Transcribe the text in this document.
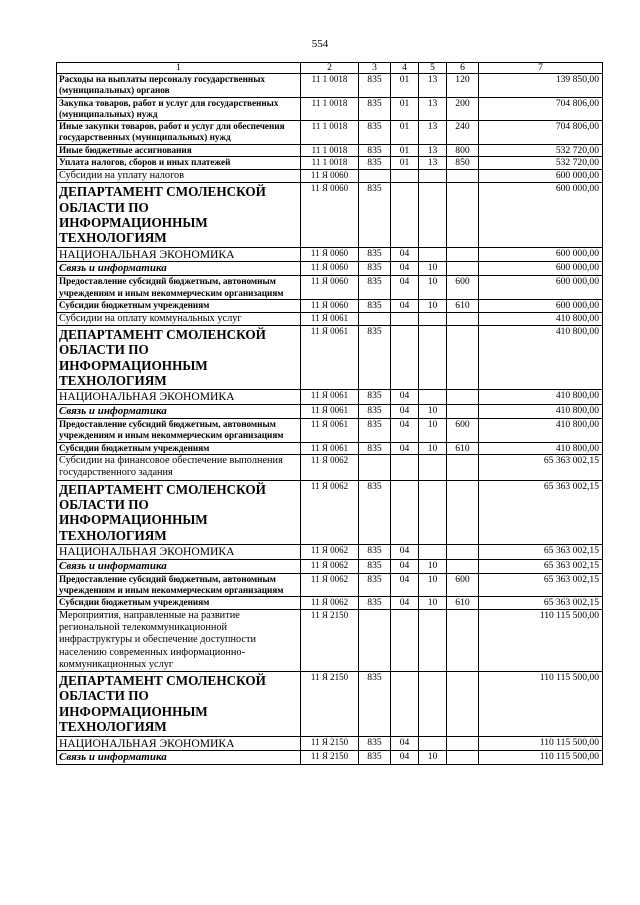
554
1	2	3	4	5	6	7
Расходы на выплаты персоналу государственных (муниципальных) органов	11 1 0018	835	01	13	120	139 850,00
Закупка товаров, работ и услуг для государственных (муниципальных) нужд	11 1 0018	835	01	13	200	704 806,00
Иные закупки товаров, работ и услуг для обеспечения государственных (муниципальных) нужд	11 1 0018	835	01	13	240	704 806,00
Иные бюджетные ассигнования	11 1 0018	835	01	13	800	532 720,00
Уплата налогов, сборов и иных платежей	11 1 0018	835	01	13	850	532 720,00
Субсидии на уплату налогов	11 Я 0060					600 000,00
ДЕПАРТАМЕНТ СМОЛЕНСКОЙ ОБЛАСТИ ПО ИНФОРМАЦИОННЫМ ТЕХНОЛОГИЯМ	11 Я 0060	835				600 000,00
НАЦИОНАЛЬНАЯ ЭКОНОМИКА	11 Я 0060	835	04			600 000,00
Связь и информатика	11 Я 0060	835	04	10		600 000,00
Предоставление субсидий бюджетным, автономным учреждениям и иным некоммерческим организациям	11 Я 0060	835	04	10	600	600 000,00
Субсидии бюджетным учреждениям	11 Я 0060	835	04	10	610	600 000,00
Субсидии на оплату коммунальных услуг	11 Я 0061					410 800,00
ДЕПАРТАМЕНТ СМОЛЕНСКОЙ ОБЛАСТИ ПО ИНФОРМАЦИОННЫМ ТЕХНОЛОГИЯМ	11 Я 0061	835				410 800,00
НАЦИОНАЛЬНАЯ ЭКОНОМИКА	11 Я 0061	835	04			410 800,00
Связь и информатика	11 Я 0061	835	04	10		410 800,00
Предоставление субсидий бюджетным, автономным учреждениям и иным некоммерческим организациям	11 Я 0061	835	04	10	600	410 800,00
Субсидии бюджетным учреждениям	11 Я 0061	835	04	10	610	410 800,00
Субсидии на финансовое обеспечение выполнения государственного задания	11 Я 0062					65 363 002,15
ДЕПАРТАМЕНТ СМОЛЕНСКОЙ ОБЛАСТИ ПО ИНФОРМАЦИОННЫМ ТЕХНОЛОГИЯМ	11 Я 0062	835				65 363 002,15
НАЦИОНАЛЬНАЯ ЭКОНОМИКА	11 Я 0062	835	04			65 363 002,15
Связь и информатика	11 Я 0062	835	04	10		65 363 002,15
Предоставление субсидий бюджетным, автономным учреждениям и иным некоммерческим организациям	11 Я 0062	835	04	10	600	65 363 002,15
Субсидии бюджетным учреждениям	11 Я 0062	835	04	10	610	65 363 002,15
Мероприятия, направленные на развитие региональной телекоммуникационной инфраструктуры и обеспечение доступности населению современных информационно-коммуникационных услуг	11 Я 2150					110 115 500,00
ДЕПАРТАМЕНТ СМОЛЕНСКОЙ ОБЛАСТИ ПО ИНФОРМАЦИОННЫМ ТЕХНОЛОГИЯМ	11 Я 2150	835				110 115 500,00
НАЦИОНАЛЬНАЯ ЭКОНОМИКА	11 Я 2150	835	04			110 115 500,00
Связь и информатика	11 Я 2150	835	04	10		110 115 500,00
